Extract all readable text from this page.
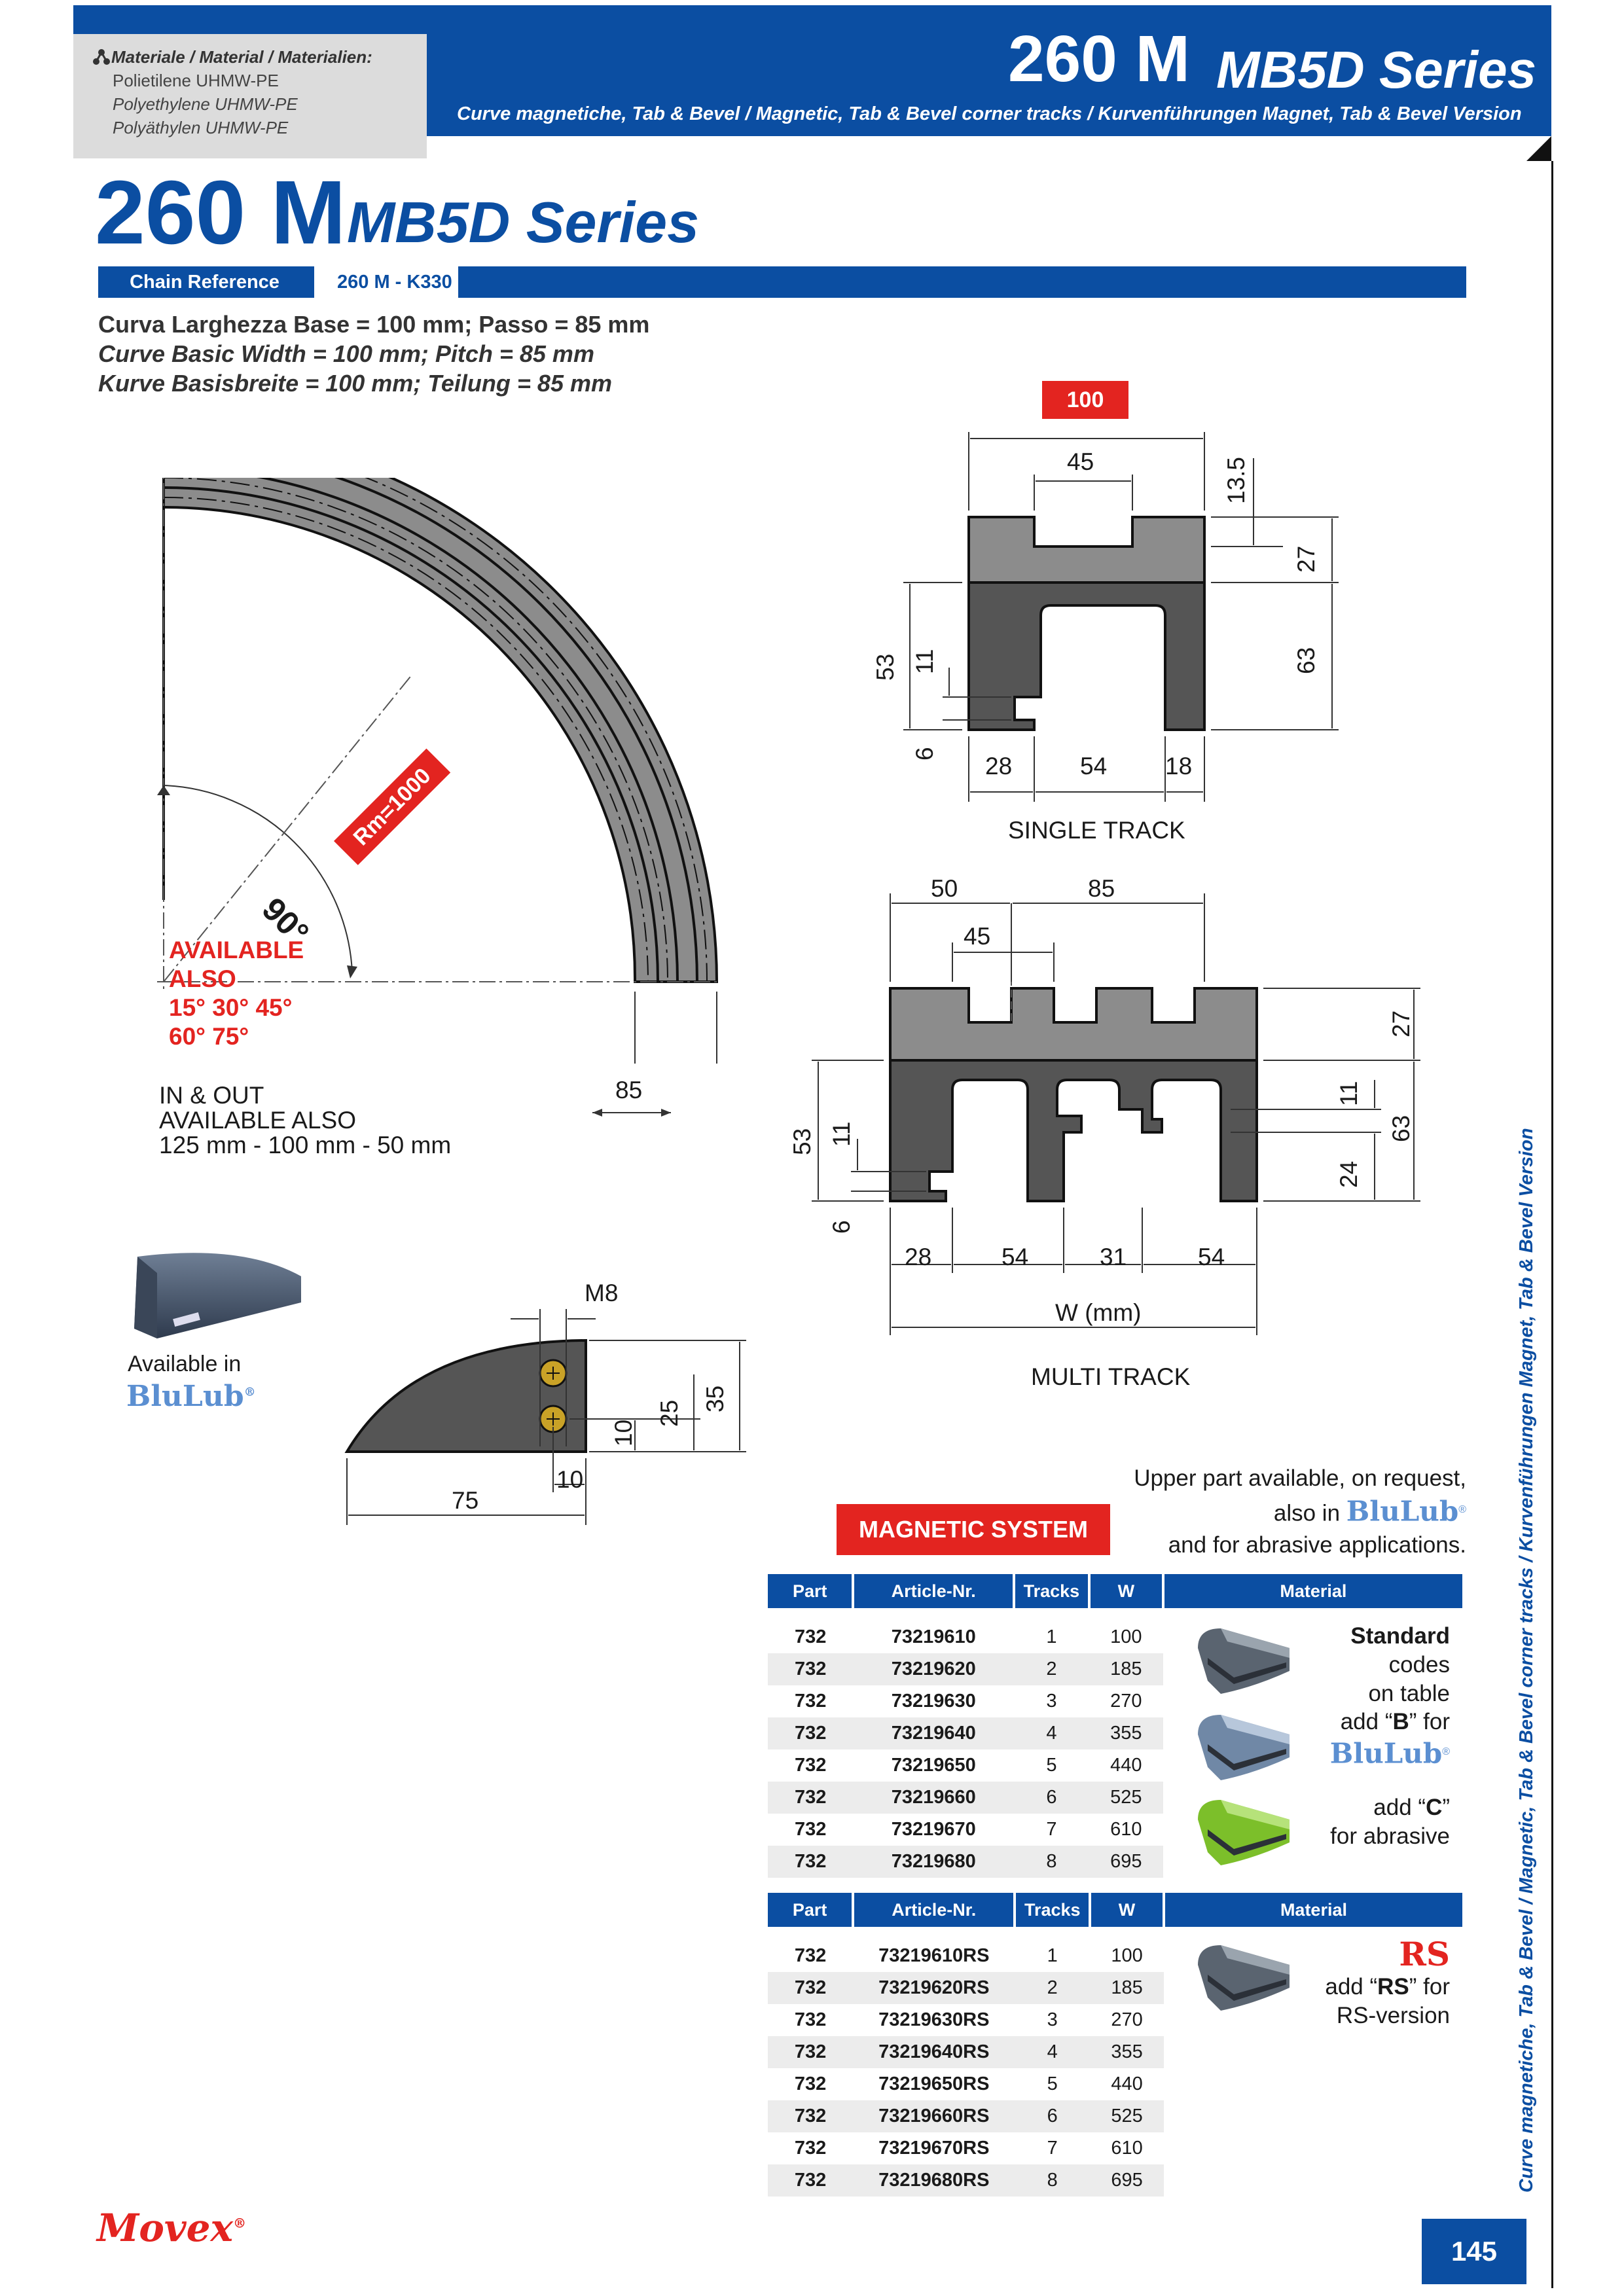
Materiale / Material / Materialien:
Polietilene UHMW-PE
Polyethylene UHMW-PE
Polyäthylen UHMW-PE
260 M MB5D Series
Curve magnetiche, Tab & Bevel / Magnetic, Tab & Bevel corner tracks / Kurvenführungen Magnet, Tab & Bevel Version
Curve magnetiche, Tab & Bevel / Magnetic, Tab & Bevel corner tracks / Kurvenführungen Magnet, Tab & Bevel Version
260 M MB5D Series
Chain Reference	260 M - K330
Curva Larghezza Base = 100 mm; Passo = 85 mm
Curve Basic Width = 100 mm; Pitch = 85 mm
Kurve Basisbreite = 100 mm; Teilung = 85 mm
Rm=1000
90°
AVAILABLE
ALSO
15° 30° 45°
60° 75°
85
IN & OUT
AVAILABLE ALSO
125 mm - 100 mm - 50 mm
100
45	13.5
27
63
53 11
6 28	54 18
SINGLE TRACK
50	85
45
27
11
63
24
53 11
6
28	54	31	54
W (mm)
MULTI TRACK
Available in
BluLub®
M8
10
25
35
10
75
Upper part available, on request,
also in BluLub®
and for abrasive applications.
MAGNETIC SYSTEM
Part	Article-Nr.	Tracks	W	Material

732	73219610	1	100	
732	73219620	2	185	
732	73219630	3	270	
732	73219640	4	355	
732	73219650	5	440	
732	73219660	6	525	
732	73219670	7	610	
732	73219680	8	695	
Standard codes
on table
add “B” for
BluLub®
add “C”
for abrasive
Part	Article-Nr.	Tracks	W	Material

732	73219610RS	1	100	
732	73219620RS	2	185	
732	73219630RS	3	270	
732	73219640RS	4	355	
732	73219650RS	5	440	
732	73219660RS	6	525	
732	73219670RS	7	610	
732	73219680RS	8	695	
RS
add “RS” for
RS-version
Movex®
145
